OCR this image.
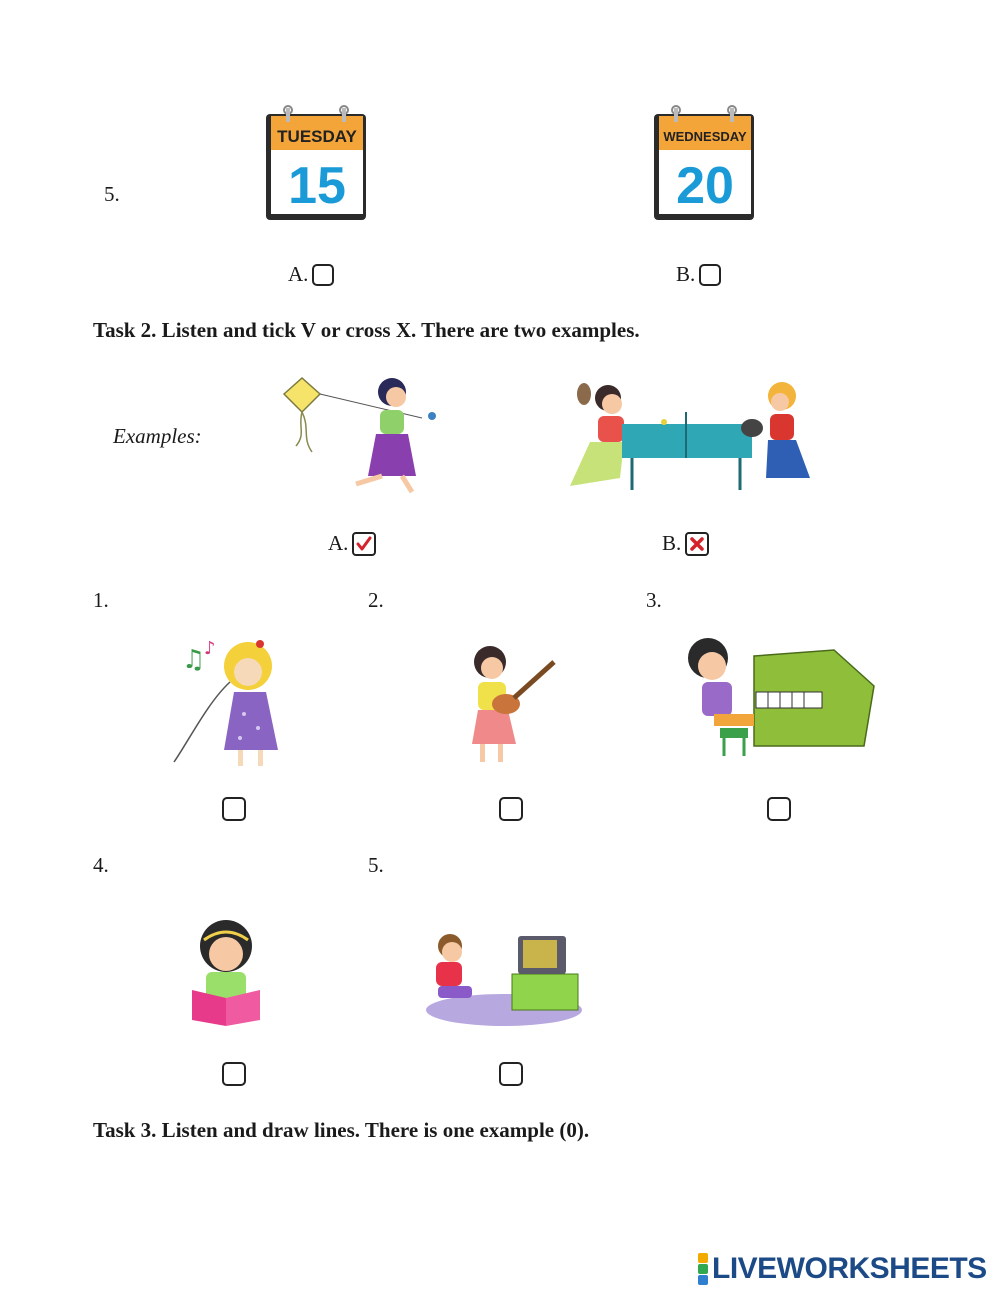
5.
TUESDAY
15
WEDNESDAY
20
A.	B.
Task 2. Listen and tick V or cross X. There are two examples.
Examples:
A.	B.
1.	2.	3.
♫
♪
4.	5.
Task 3. Listen and draw lines. There is one example (0).
LIVEWORKSHEETS
